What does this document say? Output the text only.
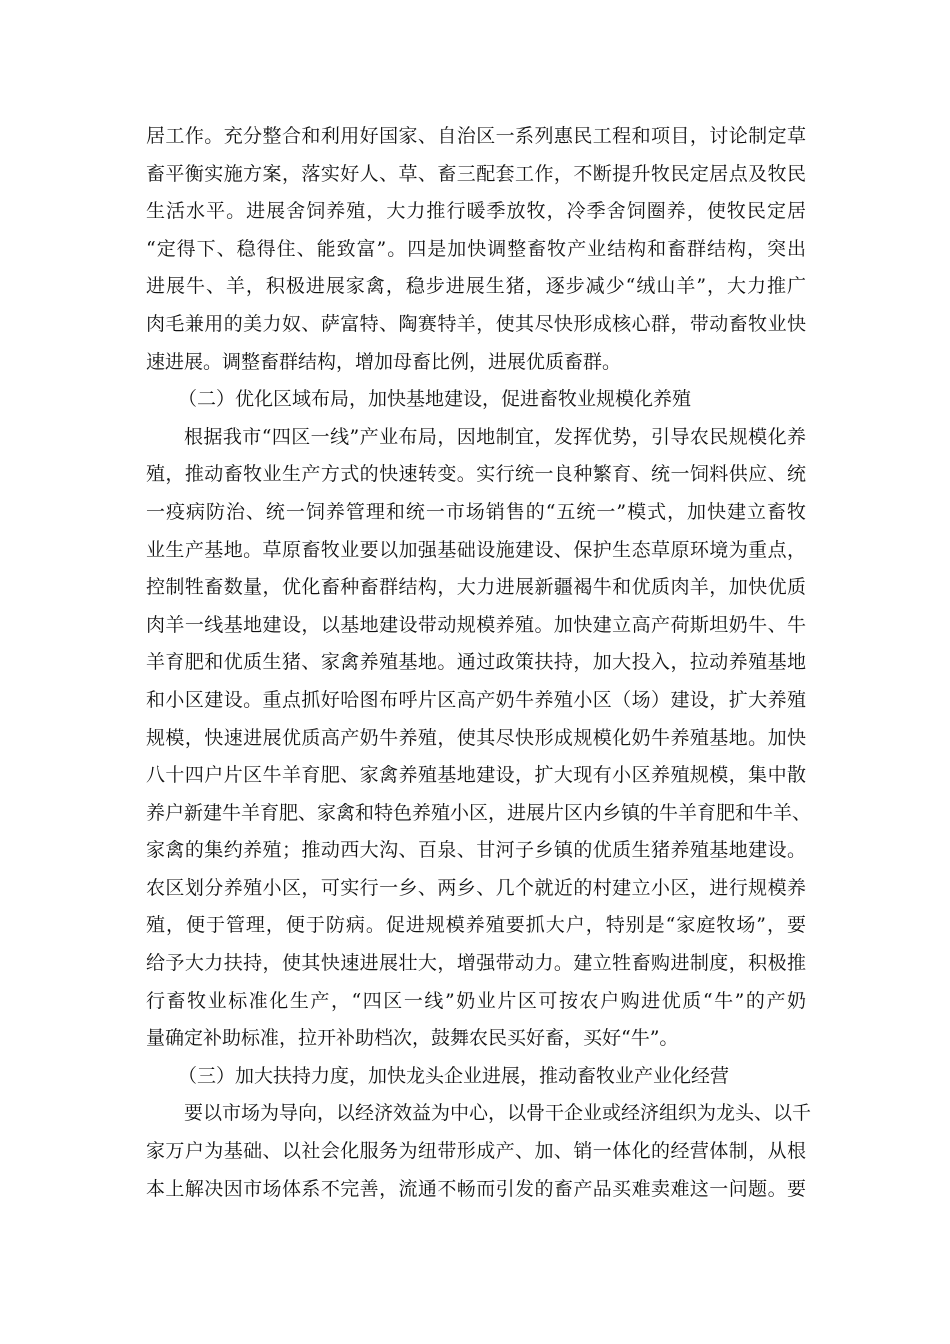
居工作。充分整合和利用好国家、自治区一系列惠民工程和项目，讨论制定草
畜平衡实施方案，落实好人、草、畜三配套工作，不断提升牧民定居点及牧民
生活水平。进展舍饲养殖，大力推行暖季放牧，冷季舍饲圈养，使牧民定居
“定得下、稳得住、能致富”。四是加快调整畜牧产业结构和畜群结构，突出
进展牛、羊，积极进展家禽，稳步进展生猪，逐步减少“绒山羊”，大力推广
肉毛兼用的美力奴、萨富特、陶赛特羊，使其尽快形成核心群，带动畜牧业快
速进展。调整畜群结构，增加母畜比例，进展优质畜群。
（二）优化区域布局，加快基地建设，促进畜牧业规模化养殖
根据我市“四区一线”产业布局，因地制宜，发挥优势，引导农民规模化养
殖，推动畜牧业生产方式的快速转变。实行统一良种繁育、统一饲料供应、统
一疫病防治、统一饲养管理和统一市场销售的“五统一”模式，加快建立畜牧
业生产基地。草原畜牧业要以加强基础设施建设、保护生态草原环境为重点，
控制牲畜数量，优化畜种畜群结构，大力进展新疆褐牛和优质肉羊，加快优质
肉羊一线基地建设，以基地建设带动规模养殖。加快建立高产荷斯坦奶牛、牛
羊育肥和优质生猪、家禽养殖基地。通过政策扶持，加大投入，拉动养殖基地
和小区建设。重点抓好哈图布呼片区高产奶牛养殖小区（场）建设，扩大养殖
规模，快速进展优质高产奶牛养殖，使其尽快形成规模化奶牛养殖基地。加快
八十四户片区牛羊育肥、家禽养殖基地建设，扩大现有小区养殖规模，集中散
养户新建牛羊育肥、家禽和特色养殖小区，进展片区内乡镇的牛羊育肥和牛羊、
家禽的集约养殖；推动西大沟、百泉、甘河子乡镇的优质生猪养殖基地建设。
农区划分养殖小区，可实行一乡、两乡、几个就近的村建立小区，进行规模养
殖，便于管理，便于防病。促进规模养殖要抓大户，特别是“家庭牧场”，要
给予大力扶持，使其快速进展壮大，增强带动力。建立牲畜购进制度，积极推
行畜牧业标准化生产，“四区一线”奶业片区可按农户购进优质“牛”的产奶
量确定补助标准，拉开补助档次，鼓舞农民买好畜，买好“牛”。
（三）加大扶持力度，加快龙头企业进展，推动畜牧业产业化经营
要以市场为导向，以经济效益为中心，以骨干企业或经济组织为龙头、以千
家万户为基础、以社会化服务为纽带形成产、加、销一体化的经营体制，从根
本上解决因市场体系不完善，流通不畅而引发的畜产品买难卖难这一问题。要
